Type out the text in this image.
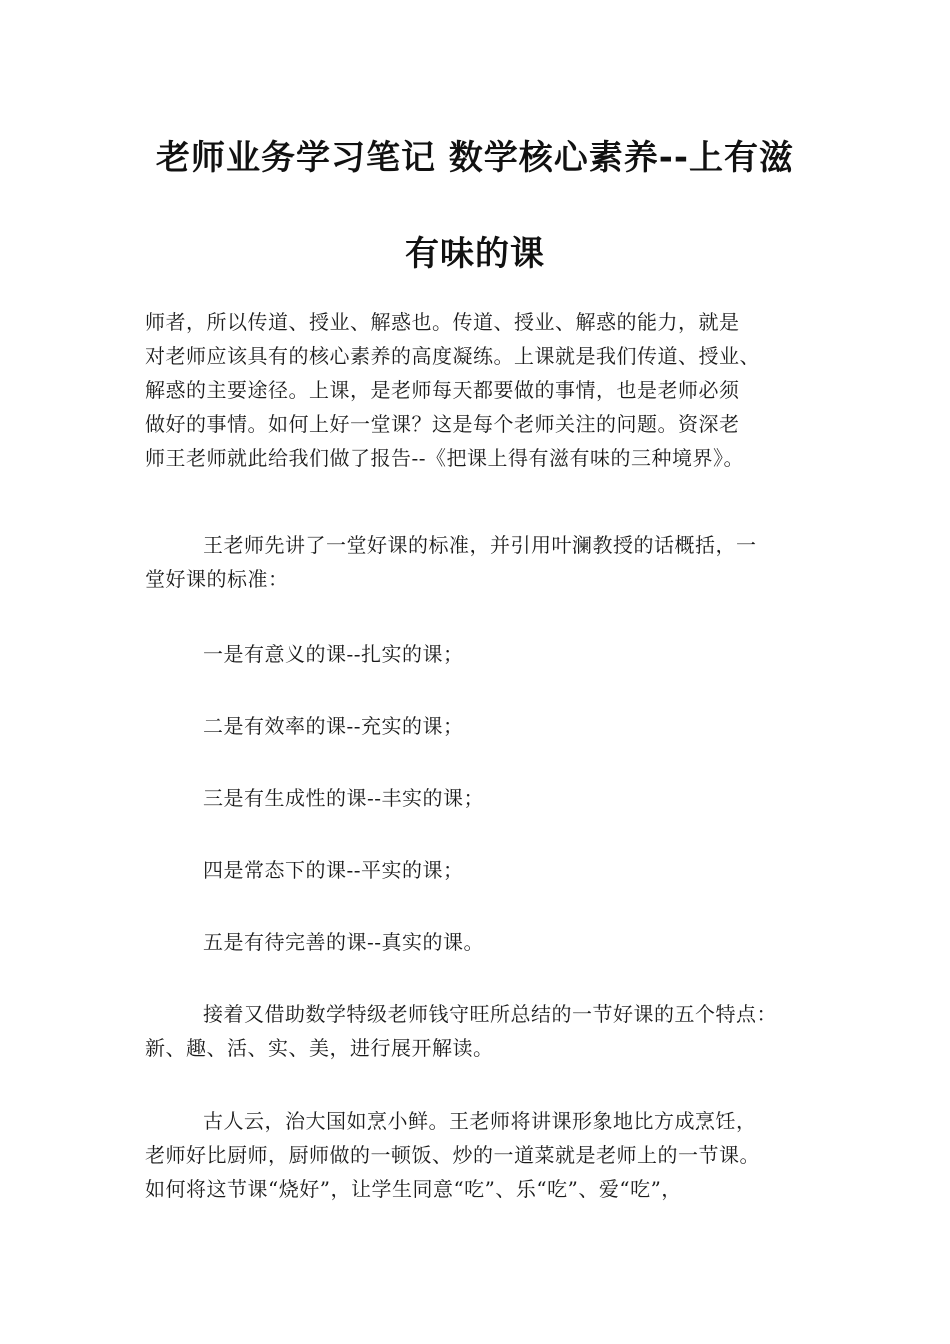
老师业务学习笔记 数学核心素养--上有滋
有味的课
师者，所以传道、授业、解惑也。传道、授业、解惑的能力，就是
对老师应该具有的核心素养的高度凝练。上课就是我们传道、授业、
解惑的主要途径。上课，是老师每天都要做的事情，也是老师必须
做好的事情。如何上好一堂课？这是每个老师关注的问题。资深老
师王老师就此给我们做了报告--《把课上得有滋有味的三种境界》。
王老师先讲了一堂好课的标准，并引用叶澜教授的话概括，一
堂好课的标准：
一是有意义的课--扎实的课；
二是有效率的课--充实的课；
三是有生成性的课--丰实的课；
四是常态下的课--平实的课；
五是有待完善的课--真实的课。
接着又借助数学特级老师钱守旺所总结的一节好课的五个特点：
新、趣、活、实、美，进行展开解读。
古人云，治大国如烹小鲜。王老师将讲课形象地比方成烹饪，
老师好比厨师，厨师做的一顿饭、炒的一道菜就是老师上的一节课。
如何将这节课“烧好”，让学生同意“吃”、乐“吃”、爱“吃”，
